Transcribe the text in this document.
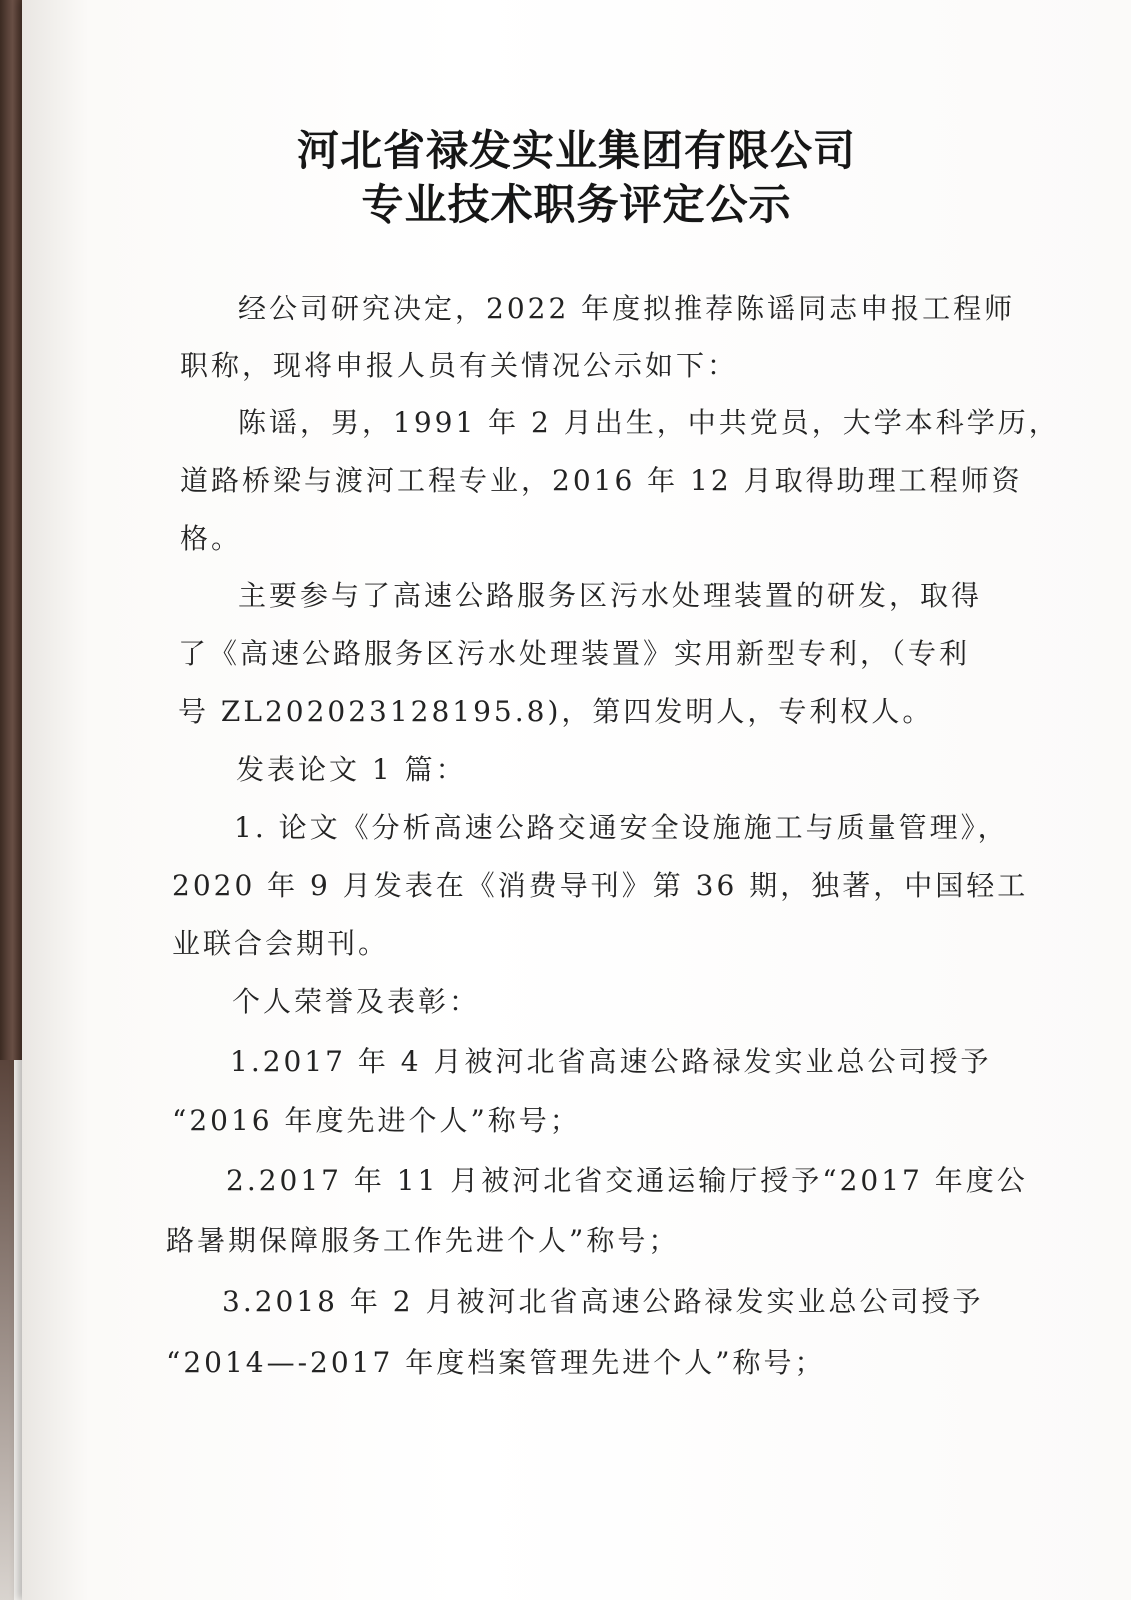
河北省禄发实业集团有限公司
专业技术职务评定公示
经公司研究决定，2022 年度拟推荐陈谣同志申报工程师
职称，现将申报人员有关情况公示如下：
陈谣，男，1991 年 2 月出生，中共党员，大学本科学历，
道路桥梁与渡河工程专业，2016 年 12 月取得助理工程师资
格。
主要参与了高速公路服务区污水处理装置的研发，取得
了《高速公路服务区污水处理装置》实用新型专利，（专利
号 ZL202023128195.8)，第四发明人，专利权人。
发表论文 1 篇：
1. 论文《分析高速公路交通安全设施施工与质量管理》，
2020 年 9 月发表在《消费导刊》第 36 期，独著，中国轻工
业联合会期刊。
个人荣誉及表彰：
1.2017 年 4 月被河北省高速公路禄发实业总公司授予
“2016 年度先进个人”称号；
2.2017 年 11 月被河北省交通运输厅授予“2017 年度公
路暑期保障服务工作先进个人”称号；
3.2018 年 2 月被河北省高速公路禄发实业总公司授予
“2014—-2017 年度档案管理先进个人”称号；
